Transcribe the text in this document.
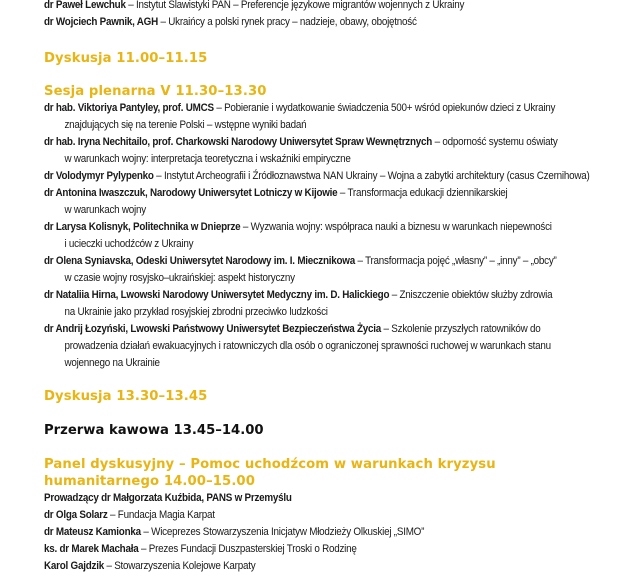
dr Paweł Lewchuk – Instytut Slawistyki PAN – Preferencje językowe migrantów wojennych z Ukrainy
dr Wojciech Pawnik, AGH – Ukraińcy a polski rynek pracy – nadzieje, obawy, obojętność
Dyskusja 11.00–11.15
Sesja plenarna V 11.30–13.30
dr hab. Viktoriya Pantyley, prof. UMCS – Pobieranie i wydatkowanie świadczenia 500+ wśród opiekunów dzieci z Ukrainy
znajdujących się na terenie Polski – wstępne wyniki badań
dr hab. Iryna Nechitailo, prof. Charkowski Narodowy Uniwersytet Spraw Wewnętrznych – odporność systemu oświaty
w warunkach wojny: interpretacja teoretyczna i wskaźniki empiryczne
dr Volodymyr Pylypenko – Instytut Archeografii i Źródłoznawstwa NAN Ukrainy – Wojna a zabytki architektury (casus Czernihowa)
dr Antonina Iwaszczuk, Narodowy Uniwersytet Lotniczy w Kijowie – Transformacja edukacji dziennikarskiej
w warunkach wojny
dr Larysa Kolisnyk, Politechnika w Dnieprze – Wyzwania wojny: współpraca nauki a biznesu w warunkach niepewności
i ucieczki uchodźców z Ukrainy
dr Olena Syniavska, Odeski Uniwersytet Narodowy im. I. Miecznikowa – Transformacja pojęć „własny” – „inny” – „obcy”
w czasie wojny rosyjsko–ukraińskiej: aspekt historyczny
dr Nataliia Hirna, Lwowski Narodowy Uniwersytet Medyczny im. D. Halickiego – Zniszczenie obiektów służby zdrowia
na Ukrainie jako przykład rosyjskiej zbrodni przeciwko ludzkości
dr Andrij Łozyński, Lwowski Państwowy Uniwersytet Bezpieczeństwa Życia – Szkolenie przyszłych ratowników do
prowadzenia działań ewakuacyjnych i ratowniczych dla osób o ograniczonej sprawności ruchowej w warunkach stanu
wojennego na Ukrainie
Dyskusja 13.30–13.45
Przerwa kawowa 13.45–14.00
Panel dyskusyjny – Pomoc uchodźcom w warunkach kryzysu
humanitarnego 14.00–15.00
Prowadzący dr Małgorzata Kuźbida, PANS w Przemyślu
dr Olga Solarz – Fundacja Magia Karpat
dr Mateusz Kamionka – Wiceprezes Stowarzyszenia Inicjatyw Młodzieży Olkuskiej „SIMO”
ks. dr Marek Machała – Prezes Fundacji Duszpasterskiej Troski o Rodzinę
Karol Gajdzik – Stowarzyszenia Kolejowe Karpaty
